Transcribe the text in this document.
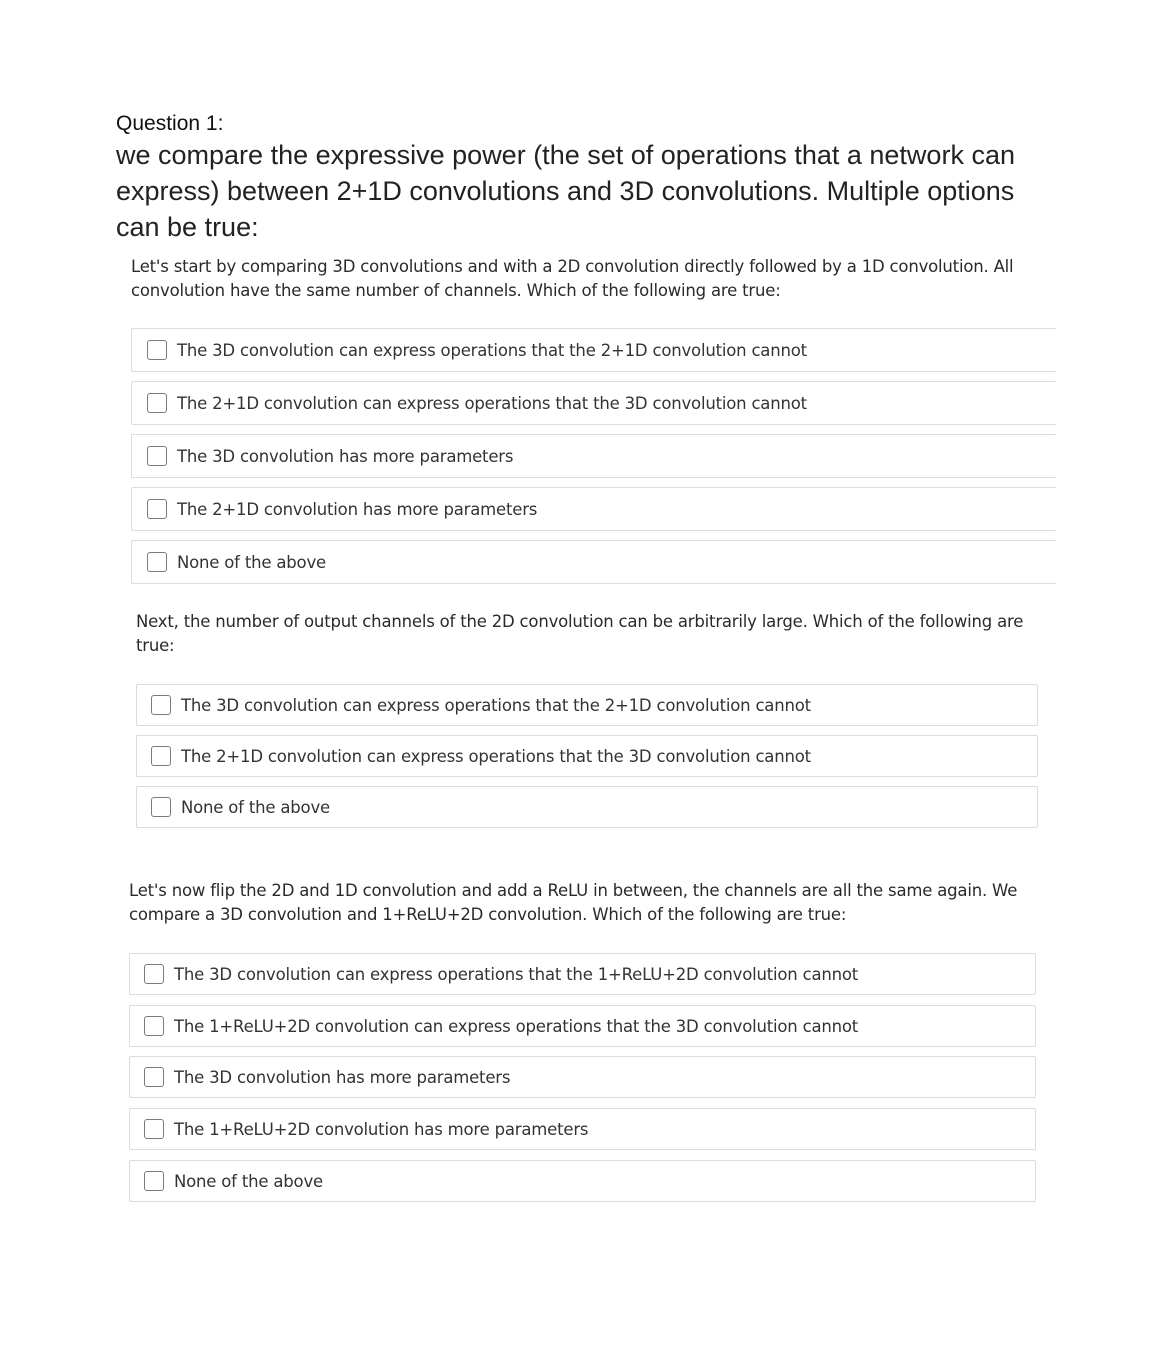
Question 1:
we compare the expressive power (the set of operations that a network can express) between 2+1D convolutions and 3D convolutions. Multiple options can be true:
Let's start by comparing 3D convolutions and with a 2D convolution directly followed by a 1D convolution. All convolution have the same number of channels. Which of the following are true:
The 3D convolution can express operations that the 2+1D convolution cannot
The 2+1D convolution can express operations that the 3D convolution cannot
The 3D convolution has more parameters
The 2+1D convolution has more parameters
None of the above
Next, the number of output channels of the 2D convolution can be arbitrarily large. Which of the following are true:
The 3D convolution can express operations that the 2+1D convolution cannot
The 2+1D convolution can express operations that the 3D convolution cannot
None of the above
Let's now flip the 2D and 1D convolution and add a ReLU in between, the channels are all the same again. We compare a 3D convolution and 1+ReLU+2D convolution. Which of the following are true:
The 3D convolution can express operations that the 1+ReLU+2D convolution cannot
The 1+ReLU+2D convolution can express operations that the 3D convolution cannot
The 3D convolution has more parameters
The 1+ReLU+2D convolution has more parameters
None of the above
